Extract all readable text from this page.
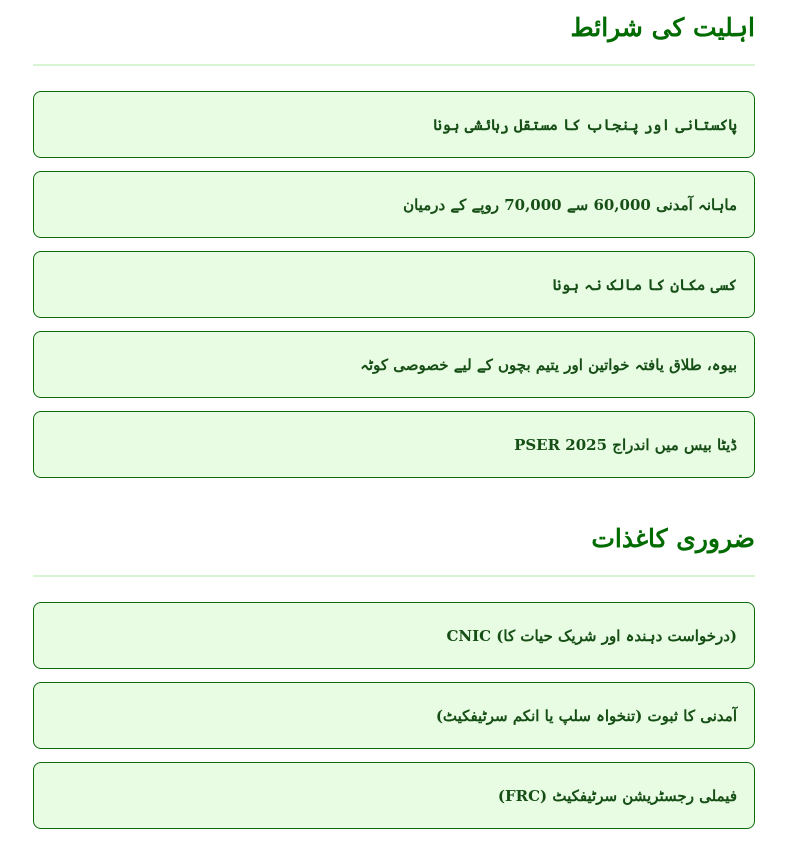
اہلیت کی شرائط
پاکستانی اور پنجاب کا مستقل رہائشی ہونا
ماہانہ آمدنی 60,000 سے 70,000 روپے کے درمیان
کسی مکان کا مالک نہ ہونا
بیوہ، طلاق یافتہ خواتین اور یتیم بچوں کے لیے خصوصی کوٹہ
PSER 2025 ڈیٹا بیس میں اندراج
ضروری کاغذات
CNIC (درخواست دہندہ اور شریک حیات کا)
آمدنی کا ثبوت (تنخواہ سلپ یا انکم سرٹیفکیٹ)
فیملی رجسٹریشن سرٹیفکیٹ (FRC)
